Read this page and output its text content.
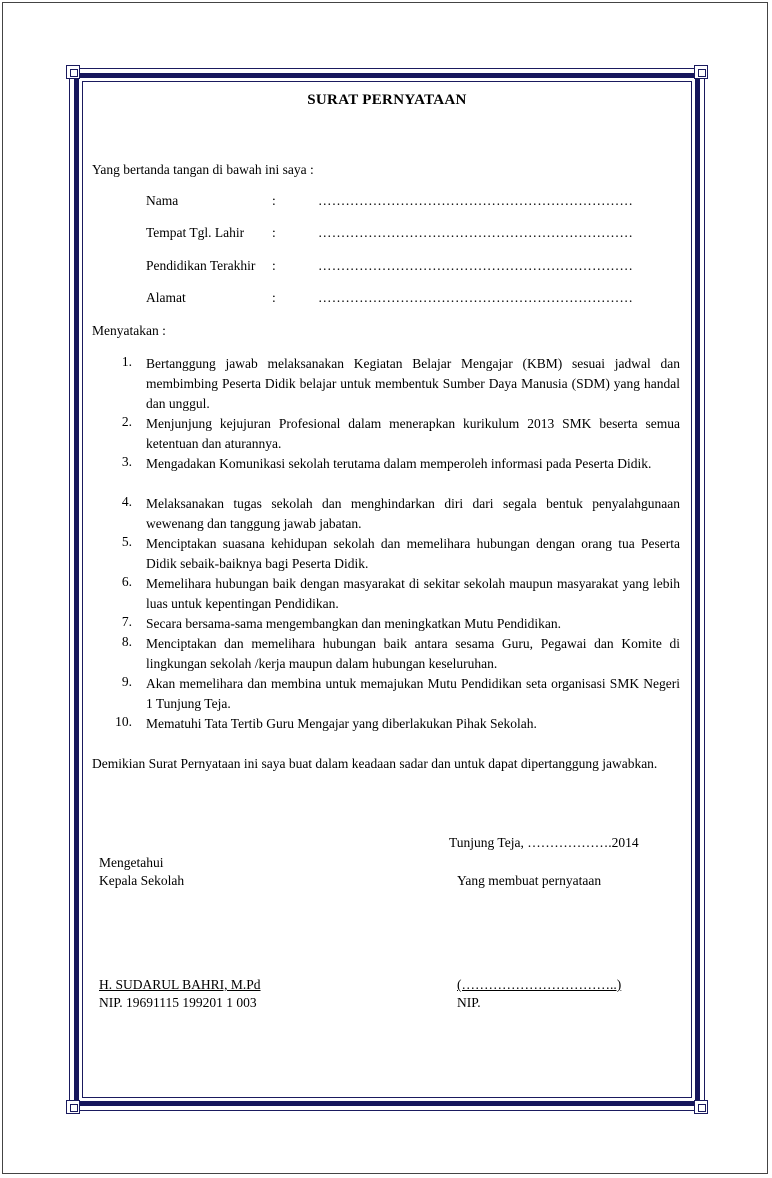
SURAT PERNYATAAN
Yang bertanda tangan di bawah ini saya :
Nama	:	……………………………………………………………
Tempat Tgl. Lahir :	……………………………………………………………
Pendidikan Terakhir :	……………………………………………………………
Alamat	:	……………………………………………………………
Menyatakan :
1. Bertanggung jawab melaksanakan Kegiatan Belajar Mengajar (KBM) sesuai jadwal dan membimbing Peserta Didik belajar untuk membentuk Sumber Daya Manusia (SDM) yang handal dan unggul.
2. Menjunjung kejujuran Profesional dalam menerapkan kurikulum 2013 SMK beserta semua ketentuan dan aturannya.
3. Mengadakan Komunikasi sekolah terutama dalam memperoleh informasi pada Peserta Didik.
4. Melaksanakan tugas sekolah dan menghindarkan diri dari segala bentuk penyalahgunaan wewenang dan tanggung jawab jabatan.
5. Menciptakan suasana kehidupan sekolah dan memelihara hubungan dengan orang tua Peserta Didik sebaik-baiknya bagi Peserta Didik.
6. Memelihara hubungan baik dengan masyarakat di sekitar sekolah maupun masyarakat yang lebih luas untuk kepentingan Pendidikan.
7. Secara bersama-sama mengembangkan dan meningkatkan Mutu Pendidikan.
8. Menciptakan dan memelihara hubungan baik antara sesama Guru, Pegawai dan Komite di lingkungan sekolah /kerja maupun dalam hubungan keseluruhan.
9. Akan memelihara dan membina untuk memajukan Mutu Pendidikan seta organisasi SMK Negeri 1 Tunjung Teja.
10. Mematuhi Tata Tertib Guru Mengajar yang diberlakukan Pihak Sekolah.
Demikian Surat Pernyataan ini saya buat dalam keadaan sadar dan untuk dapat dipertanggung jawabkan.
Tunjung Teja, ……………….2014
Mengetahui
Kepala Sekolah	Yang membuat pernyataan
H. SUDARUL BAHRI, M.Pd
NIP. 19691115 199201 1 003
(……………………………..)
NIP.
